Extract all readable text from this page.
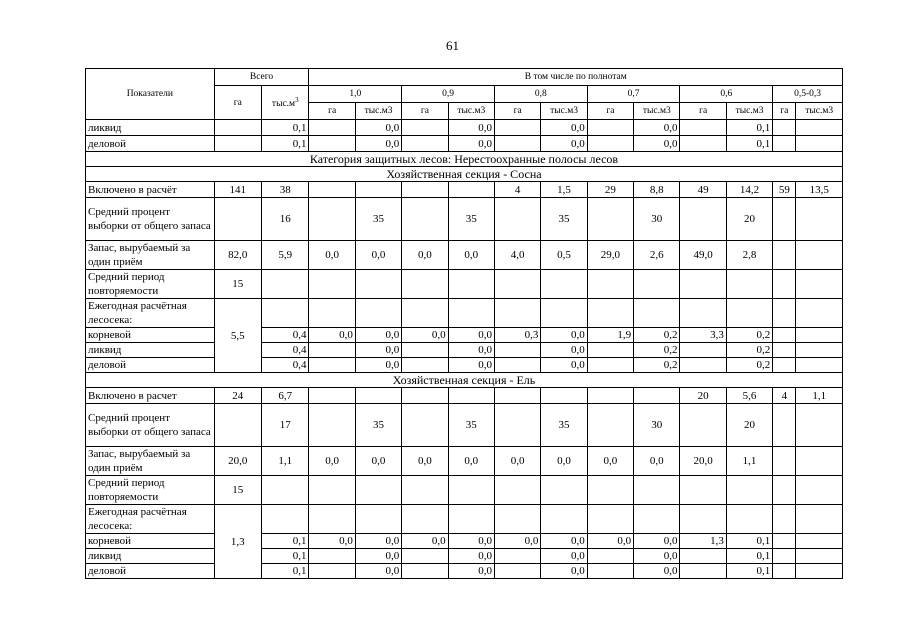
61
Показатели	Всего		В том числе по полнотам											
	га	$тыс.м^3$	1,0		0,9		0,8		0,7		0,6		0,5-0,3	
			га	тыс.м3	га	тыс.м3	га	тыс.м3	га	тыс.м3	га	тыс.м3	га	тыс.м3
ликвид		0,1		0,0		0,0		0,0		0,0		0,1		
деловой		0,1		0,0		0,0		0,0		0,0		0,1		
Категория защитных лесов: Нерестоохранные полосы лесов														
Хозяйственная секция - Сосна														
Включено в расчёт	141	38					4	1,5	29	8,8	49	14,2	59	13,5
Средний процент выборки от общего запаса		16		35		35		35		30		20		
Запас, вырубаемый за один приём	82,0	5,9	0,0	0,0	0,0	0,0	4,0	0,5	29,0	2,6	49,0	2,8		
Средний период повторяемости	15													
Ежегодная расчётная лесосека:	5,5													
корневой		0,4	0,0	0,0	0,0	0,0	0,3	0,0	1,9	0,2	3,3	0,2		
ликвид		0,4		0,0		0,0		0,0		0,2		0,2		
деловой		0,4		0,0		0,0		0,0		0,2		0,2		
Хозяйственная секция - Ель														
Включено в расчет	24	6,7									20	5,6	4	1,1
Средний процент выборки от общего запаса		17		35		35		35		30		20		
Запас, вырубаемый за один приём	20,0	1,1	0,0	0,0	0,0	0,0	0,0	0,0	0,0	0,0	20,0	1,1		
Средний период повторяемости	15													
Ежегодная расчётная лесосека:	1,3													
корневой		0,1	0,0	0,0	0,0	0,0	0,0	0,0	0,0	0,0	1,3	0,1		
ликвид		0,1		0,0		0,0		0,0		0,0		0,1		
деловой		0,1		0,0		0,0		0,0		0,0		0,1		
